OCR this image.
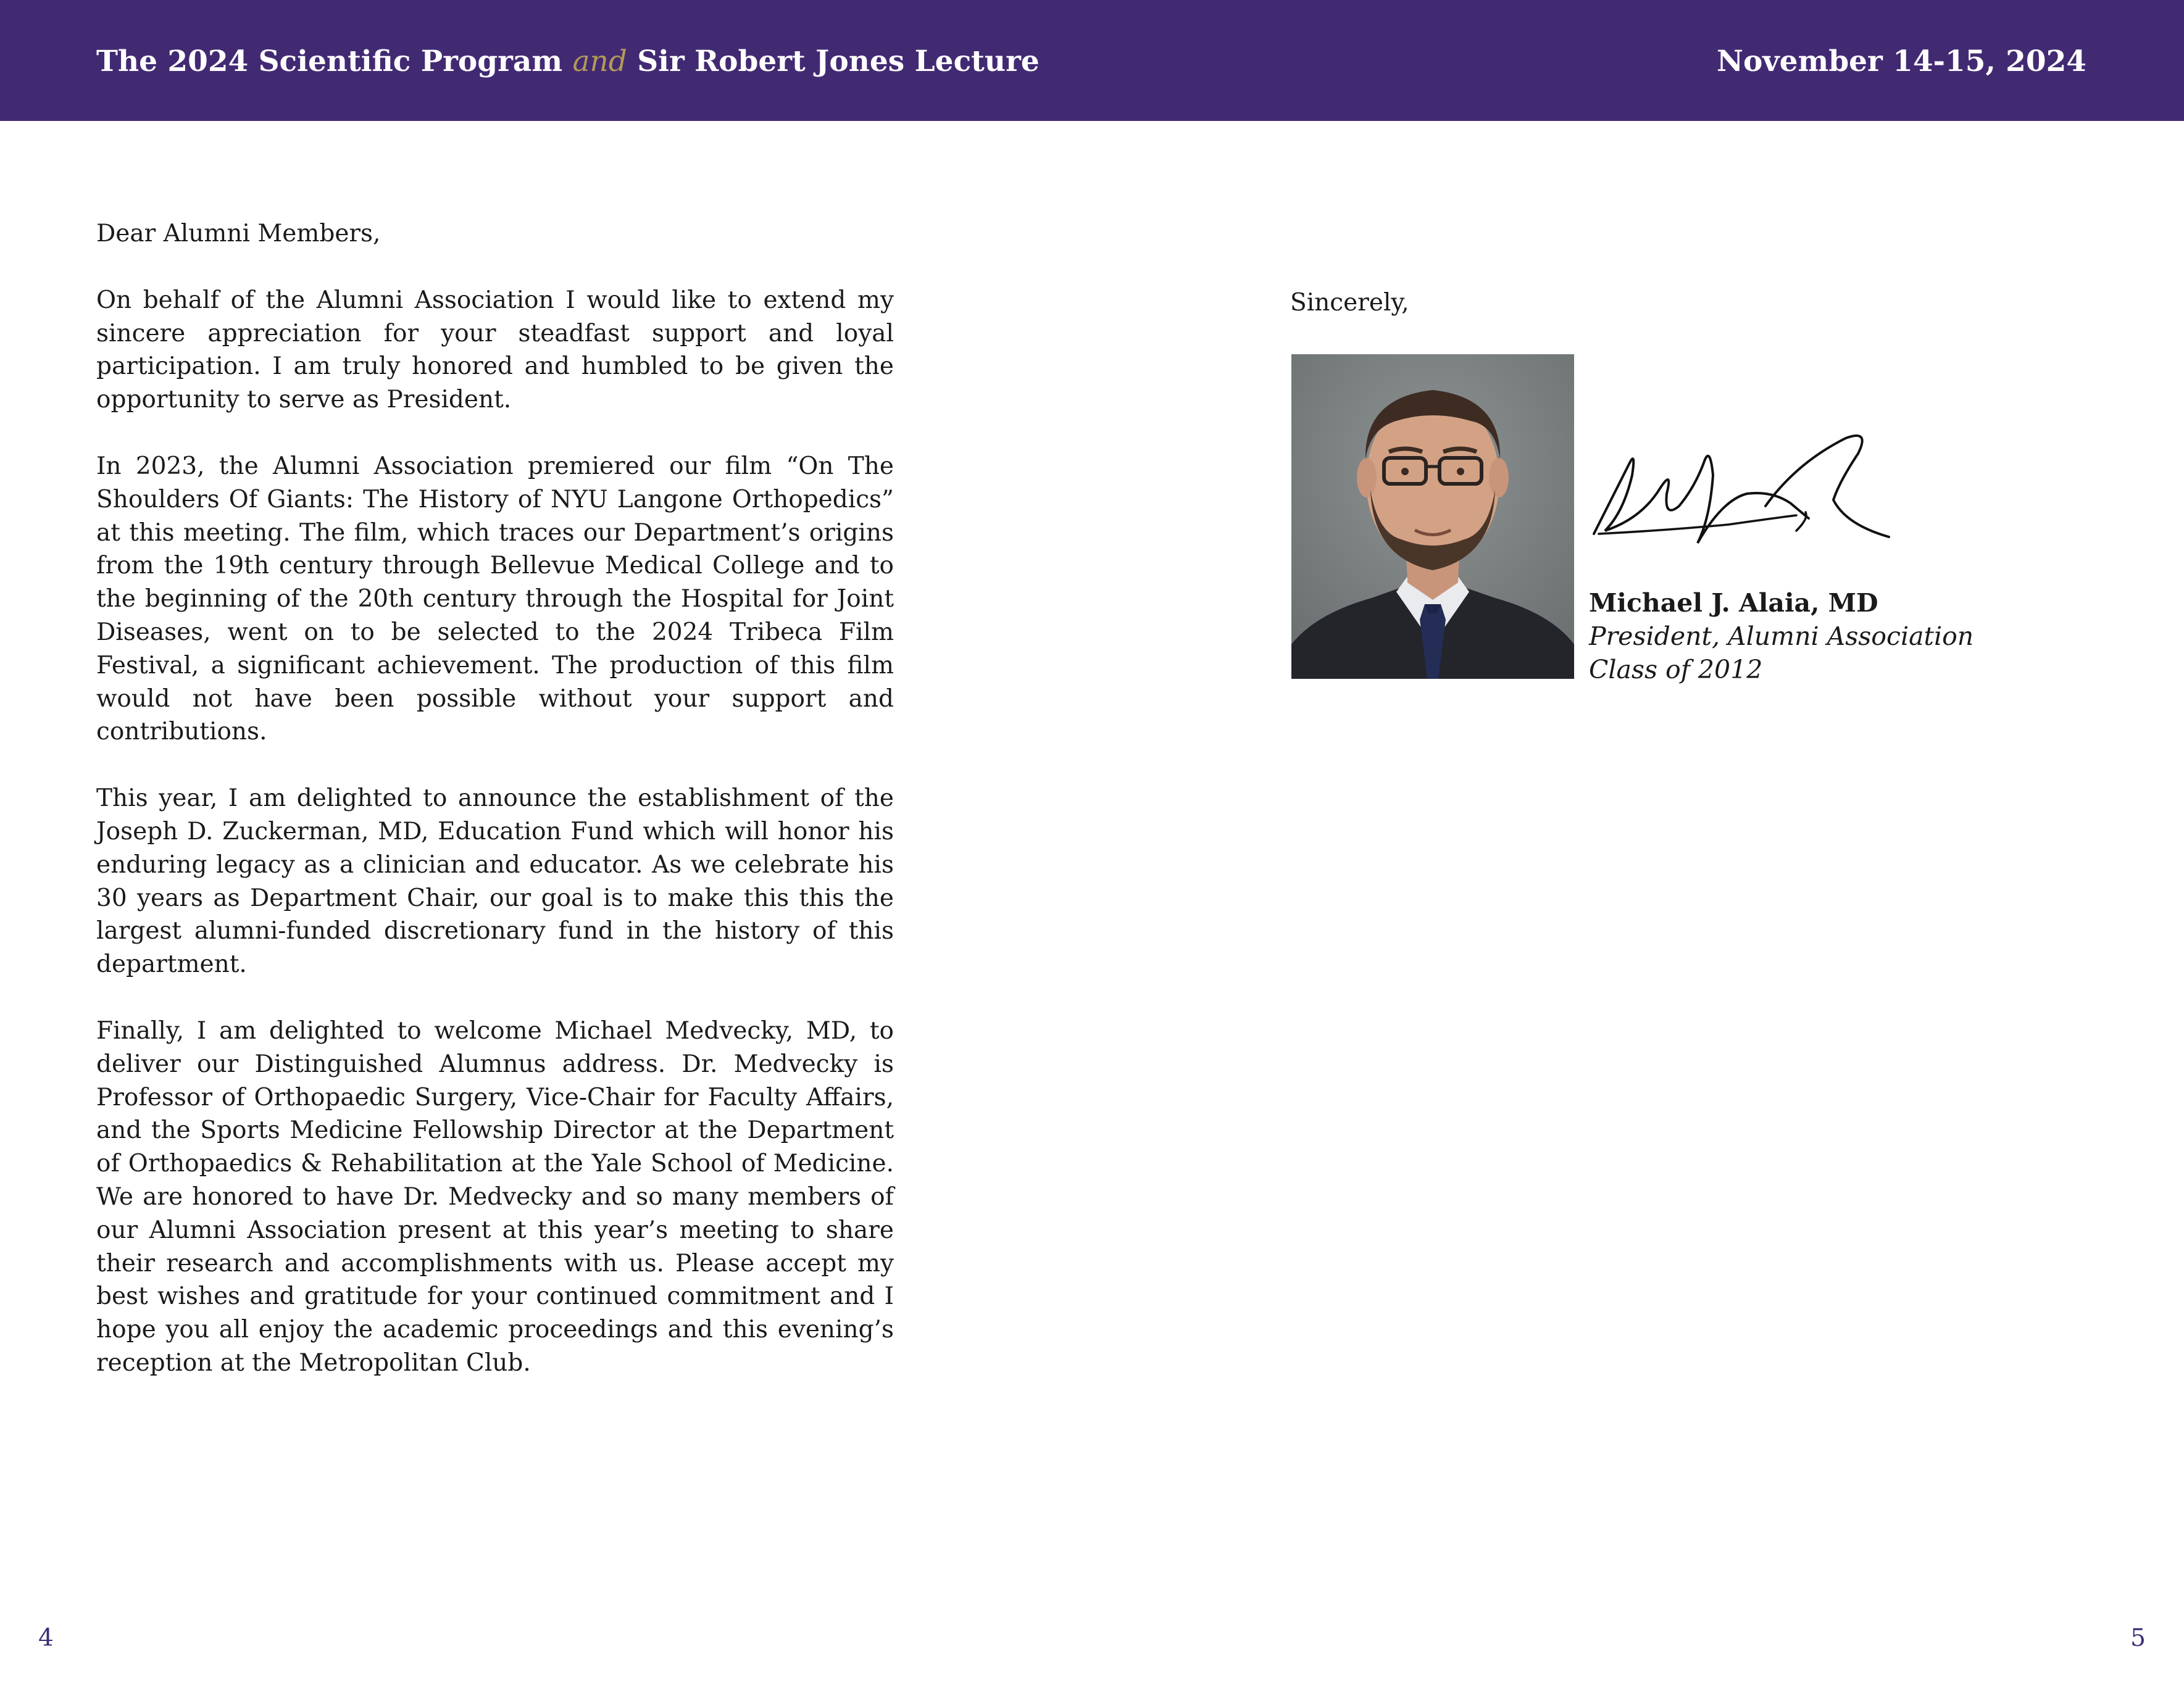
The 2024 Scientific Program and Sir Robert Jones Lecture	November 14-15, 2024
Dear Alumni Members,

On behalf of the Alumni Association I would like to extend my sincere appreciation for your steadfast support and loyal participation. I am truly honored and humbled to be given the opportunity to serve as President.

In 2023, the Alumni Association premiered our film “On The Shoulders Of Giants: The History of NYU Langone Orthopedics” at this meeting. The film, which traces our Department’s origins from the 19th century through Bellevue Medical College and to the beginning of the 20th century through the Hospital for Joint Diseases, went on to be selected to the 2024 Tribeca Film Festival, a significant achievement. The production of this film would not have been possible without your support and contributions.

This year, I am delighted to announce the establishment of the Joseph D. Zuckerman, MD, Education Fund which will honor his enduring legacy as a clinician and educator. As we celebrate his 30 years as Department Chair, our goal is to make this this the largest alumni-funded discretionary fund in the history of this department.

Finally, I am delighted to welcome Michael Medvecky, MD, to deliver our Distinguished Alumnus address. Dr. Medvecky is Professor of Orthopaedic Surgery, Vice-Chair for Faculty Affairs, and the Sports Medicine Fellowship Director at the Department of Orthopaedics & Rehabilitation at the Yale School of Medicine. We are honored to have Dr. Medvecky and so many members of our Alumni Association present at this year’s meeting to share their research and accomplishments with us. Please accept my best wishes and gratitude for your continued commitment and I hope you all enjoy the academic proceedings and this evening’s reception at the Metropolitan Club.

Sincerely,
Michael J. Alaia, MD
President, Alumni Association
Class of 2012
4	5
